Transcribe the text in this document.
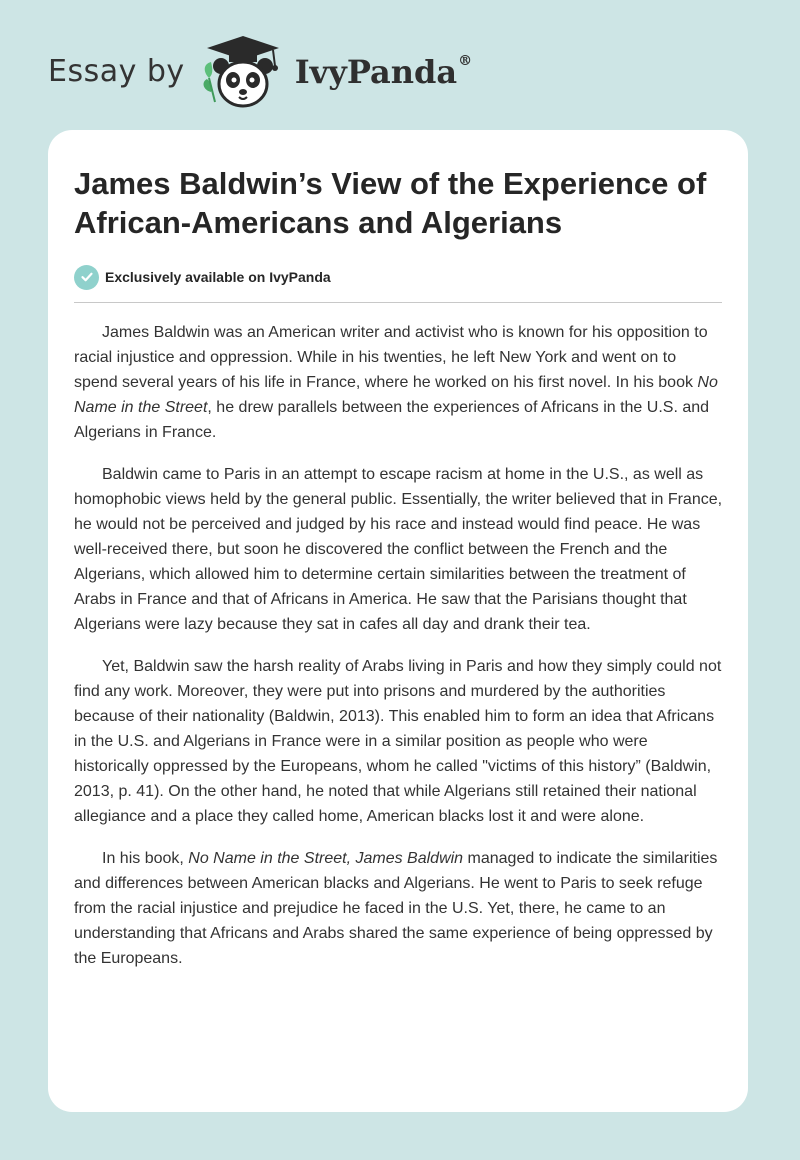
Essay by	IvyPanda®
James Baldwin’s View of the Experience of African-Americans and Algerians
Exclusively available on IvyPanda

James Baldwin was an American writer and activist who is known for his opposition to racial injustice and oppression. While in his twenties, he left New York and went on to spend several years of his life in France, where he worked on his first novel. In his book No Name in the Street, he drew parallels between the experiences of Africans in the U.S. and Algerians in France.

Baldwin came to Paris in an attempt to escape racism at home in the U.S., as well as homophobic views held by the general public. Essentially, the writer believed that in France, he would not be perceived and judged by his race and instead would find peace. He was well-received there, but soon he discovered the conflict between the French and the Algerians, which allowed him to determine certain similarities between the treatment of Arabs in France and that of Africans in America. He saw that the Parisians thought that Algerians were lazy because they sat in cafes all day and drank their tea.

Yet, Baldwin saw the harsh reality of Arabs living in Paris and how they simply could not find any work. Moreover, they were put into prisons and murdered by the authorities because of their nationality (Baldwin, 2013). This enabled him to form an idea that Africans in the U.S. and Algerians in France were in a similar position as people who were historically oppressed by the Europeans, whom he called "victims of this history” (Baldwin, 2013, p. 41). On the other hand, he noted that while Algerians still retained their national allegiance and a place they called home, American blacks lost it and were alone.

In his book, No Name in the Street, James Baldwin managed to indicate the similarities and differences between American blacks and Algerians. He went to Paris to seek refuge from the racial injustice and prejudice he faced in the U.S. Yet, there, he came to an understanding that Africans and Arabs shared the same experience of being oppressed by the Europeans.
